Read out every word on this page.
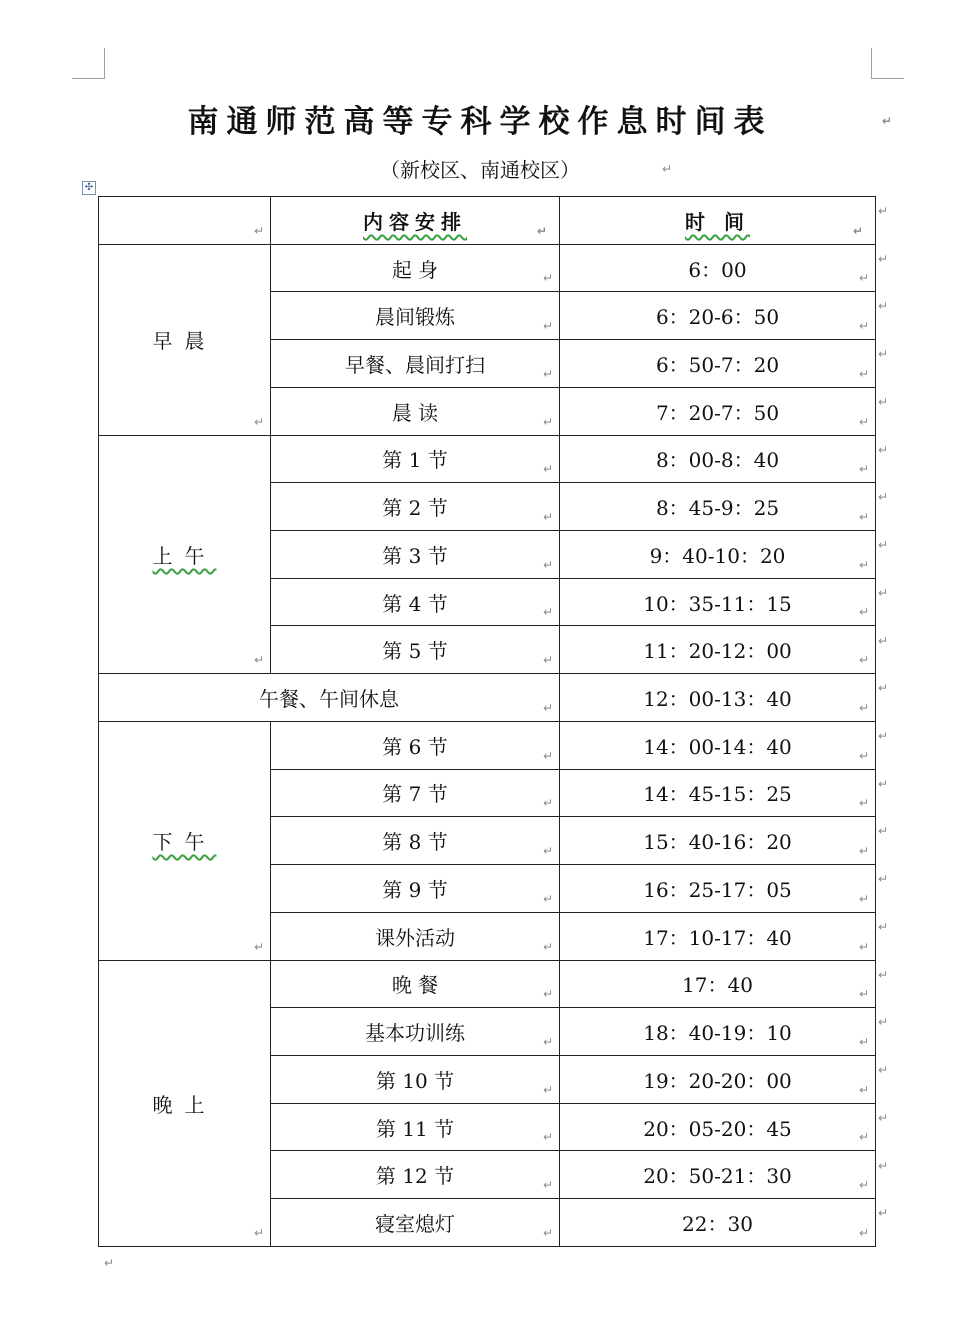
南通师范高等专科学校作息时间表	↵
（新校区、南通校区）	↵
✣
↵	内容安排 ↵	时 间 ↵

早晨
↵	起 身 ↵	6：00 ↵

	晨间锻炼 ↵	6：20-6：50 ↵

	早餐、晨间打扫 ↵	6：50-7：20 ↵

	晨 读 ↵	7：20-7：50 ↵

上午
↵	第 1 节 ↵	8：00-8：40 ↵

	第 2 节 ↵	8：45-9：25 ↵

	第 3 节 ↵	9：40-10：20 ↵

	第 4 节 ↵	10：35-11：15 ↵

	第 5 节 ↵	11：20-12：00 ↵

午餐、午间休息 ↵		12：00-13：40 ↵

下午
↵	第 6 节 ↵	14：00-14：40 ↵

	第 7 节 ↵	14：45-15：25 ↵

	第 8 节 ↵	15：40-16：20 ↵

	第 9 节 ↵	16：25-17：05 ↵

	课外活动 ↵	17：10-17：40 ↵

晚上
↵	晚 餐 ↵	17：40 ↵

	基本功训练 ↵	18：40-19：10 ↵

	第 10 节 ↵	19：20-20：00 ↵

	第 11 节 ↵	20：05-20：45 ↵

	第 12 节 ↵	20：50-21：30 ↵

	寝室熄灯 ↵	22：30 ↵
↵
↵
↵
↵
↵
↵
↵
↵
↵
↵
↵
↵
↵
↵
↵
↵
↵
↵
↵
↵
↵
↵
↵
